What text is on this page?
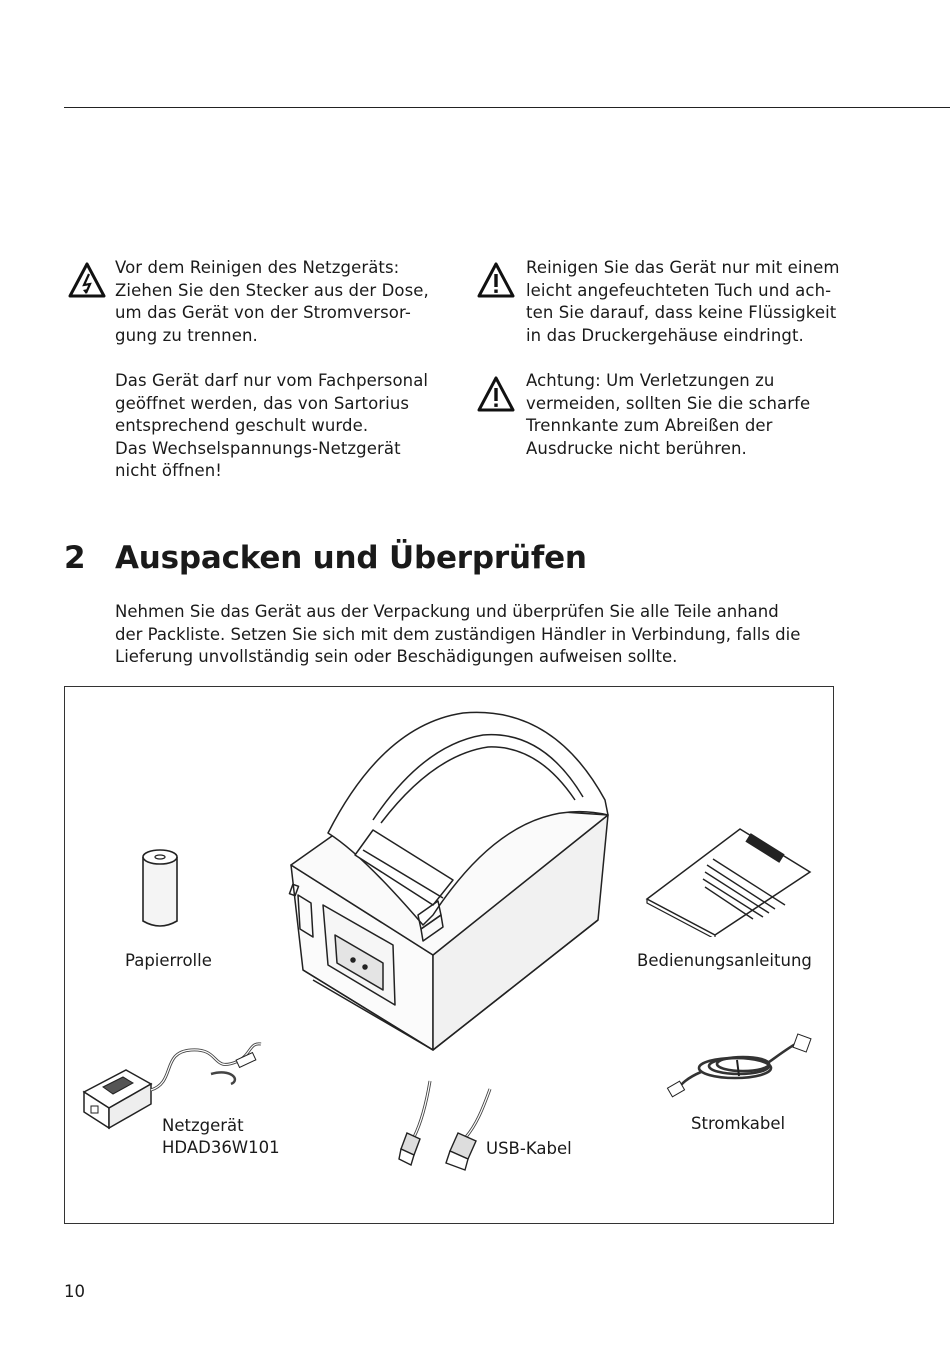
Vor dem Reinigen des Netzgeräts:
Ziehen Sie den Stecker aus der Dose,
um das Gerät von der Stromversor-
gung zu trennen.
Das Gerät darf nur vom Fachpersonal
geöffnet werden, das von Sartorius
entsprechend geschult wurde.
Das Wechselspannungs-Netzgerät
nicht öffnen!
Reinigen Sie das Gerät nur mit einem
leicht angefeuchteten Tuch und ach-
ten Sie darauf, dass keine Flüssigkeit
in das Druckergehäuse eindringt.
Achtung: Um Verletzungen zu
vermeiden, sollten Sie die scharfe
Trennkante zum Abreißen der
Ausdrucke nicht berühren.
2 Auspacken und Überprüfen
Nehmen Sie das Gerät aus der Verpackung und überprüfen Sie alle Teile anhand
der Packliste. Setzen Sie sich mit dem zuständigen Händler in Verbindung, falls die
Lieferung unvollständig sein oder Beschädigungen aufweisen sollte.
Papierrolle	Bedienungsanleitung
Netzgerät
HDAD36W101	USB-Kabel
Stromkabel
10
